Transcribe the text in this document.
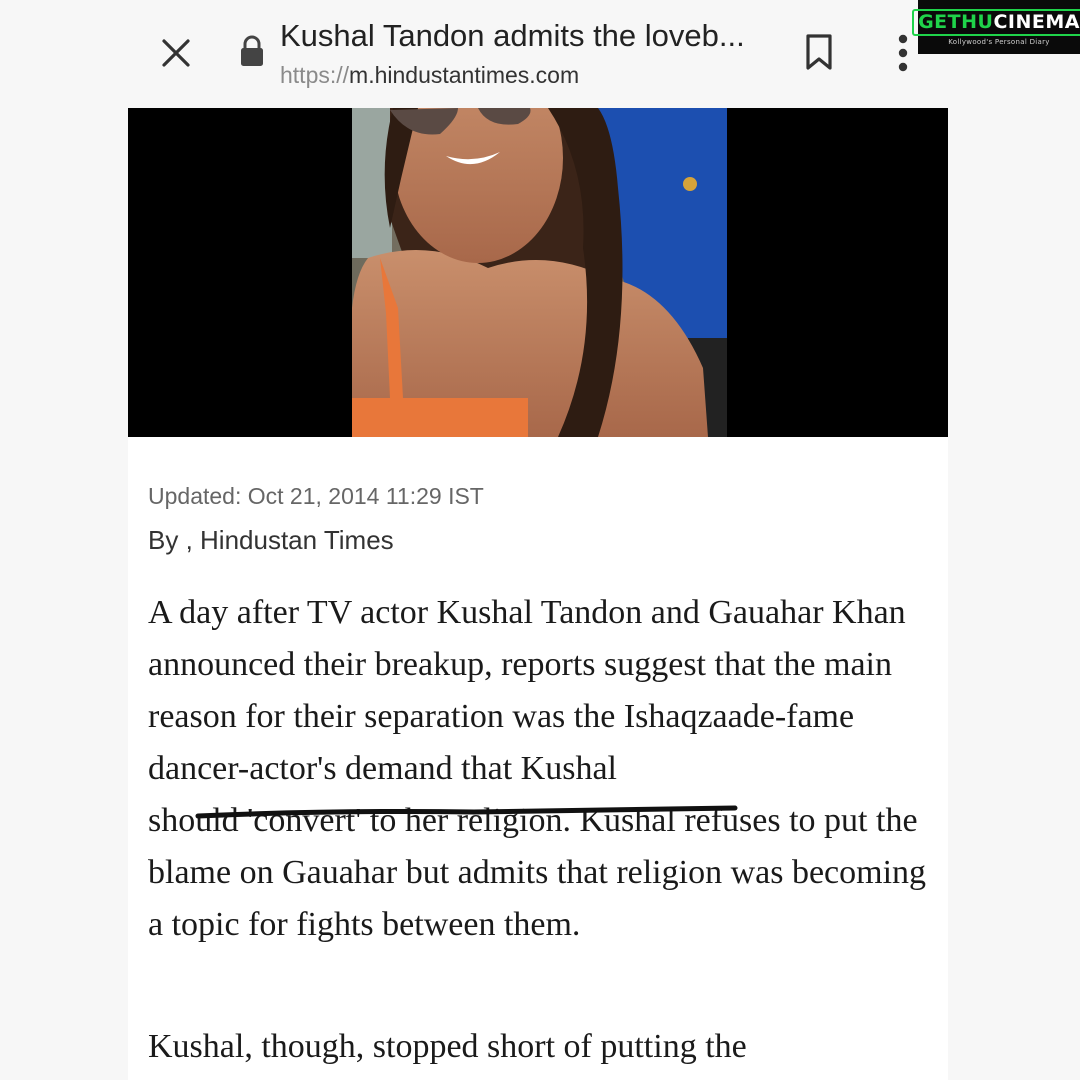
Kushal Tandon admits the loveb...
https://m.hindustantimes.com
GETHUCINEMA
Kollywood's Personal Diary
Updated: Oct 21, 2014 11:29 IST
By , Hindustan Times

A day after TV actor Kushal Tandon and Gauahar Khan announced their breakup, reports suggest that the main reason for their separation was the Ishaqzaade-fame dancer-actor's demand that Kushal should 'convert' to her religion. Kushal refuses to put the blame on Gauahar but admits that religion was becoming a topic for fights between them.

Kushal, though, stopped short of putting the
